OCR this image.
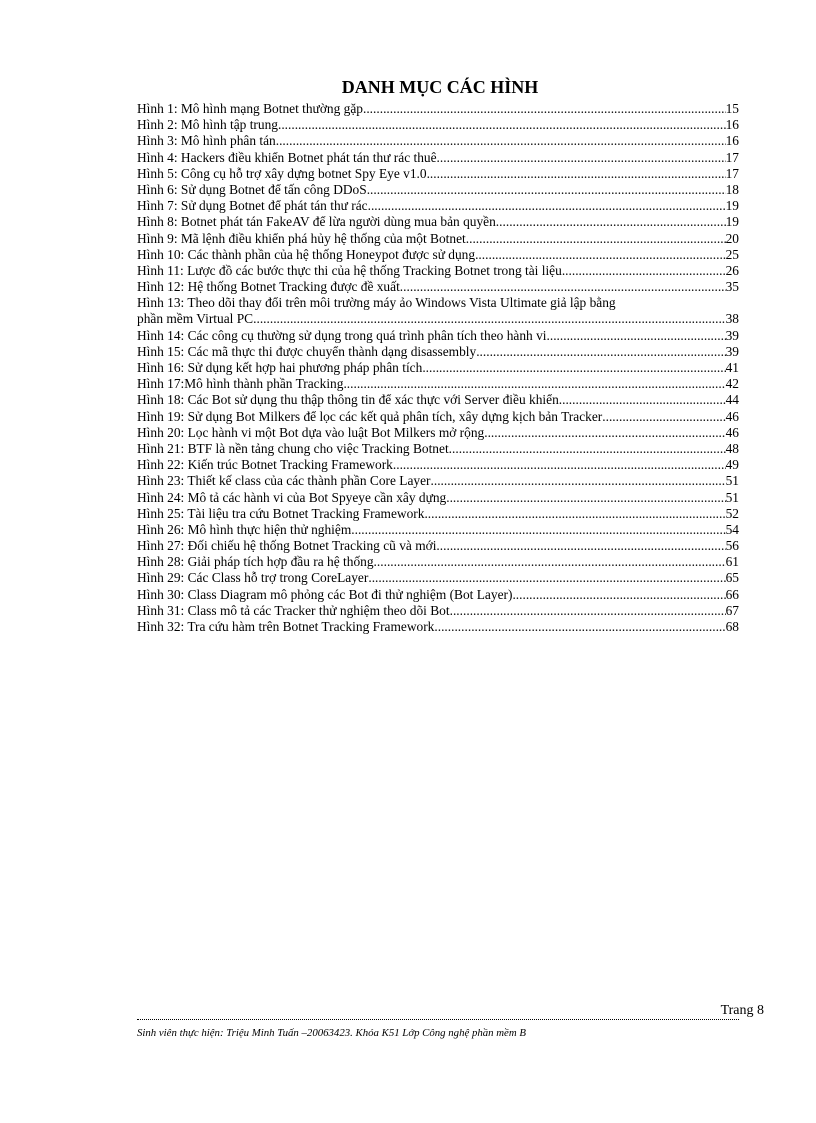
DANH MỤC CÁC HÌNH
Hình 1: Mô hình mạng Botnet thường gặp .....	15
Hình 2: Mô hình tập trung .....	16
Hình 3: Mô hình phân tán .....	16
Hình 4: Hackers điều khiển Botnet phát tán thư rác thuê .....	17
Hình 5: Công cụ hỗ trợ xây dựng botnet Spy Eye v1.0 .....	17
Hình 6: Sử dụng Botnet để tấn công DDoS .....	18
Hình 7: Sử dụng Botnet để phát tán thư rác .....	19
Hình 8: Botnet phát tán FakeAV để lừa người dùng mua bản quyền .....	19
Hình 9: Mã lệnh điều khiển phá hủy hệ thống của một Botnet .....	20
Hình 10: Các thành phần của hệ thống Honeypot được sử dụng .....	25
Hình 11: Lược đồ các bước thực thi của hệ thống Tracking Botnet trong tài liệu .....	26
Hình 12: Hệ thống Botnet Tracking được đề xuất .....	35
Hình 13: Theo dõi thay đổi trên môi trường máy ảo Windows Vista Ultimate giả lập bằng
phần mềm Virtual PC. .....	38
Hình 14: Các công cụ thường sử dụng trong quá trình phân tích theo hành vi .....	39
Hình 15: Các mã thực thi được chuyển thành dạng disassembly .....	39
Hình 16: Sử dụng kết hợp hai phương pháp phân tích .....	41
Hình 17:Mô hình thành phần Tracking .....	42
Hình 18: Các Bot sử dụng thu thập thông tin để xác thực với Server điều khiển .....	44
Hình 19: Sử dụng Bot Milkers để lọc các kết quả phân tích, xây dựng kịch bản Tracker .....	46
Hình 20: Lọc hành vi một Bot dựa vào luật Bot Milkers mở rộng .....	46
Hình 21: BTF là nền tảng chung cho việc Tracking Botnet .....	48
Hình 22: Kiến trúc Botnet Tracking Framework .....	49
Hình 23: Thiết kế class của các thành phần Core Layer .....	51
Hình 24: Mô tả các hành vi của Bot Spyeye cần xây dựng .....	51
Hình 25: Tài liệu tra cứu Botnet Tracking Framework .....	52
Hình 26: Mô hình thực hiện thử nghiệm .....	54
Hình 27: Đối chiếu hệ thống Botnet Tracking cũ và mới .....	56
Hình 28: Giải pháp tích hợp đầu ra hệ thống .....	61
Hình 29: Các Class hỗ trợ trong CoreLayer .....	65
Hình 30: Class Diagram mô phỏng các Bot đi thử nghiệm (Bot Layer) .....	66
Hình 31: Class mô tả các Tracker thử nghiệm theo dõi Bot .....	67
Hình 32: Tra cứu hàm trên Botnet Tracking Framework .....	68
Trang 8
Sinh viên thực hiện: Triệu Minh Tuấn –20063423. Khóa K51 Lớp Công nghệ phần mềm B
